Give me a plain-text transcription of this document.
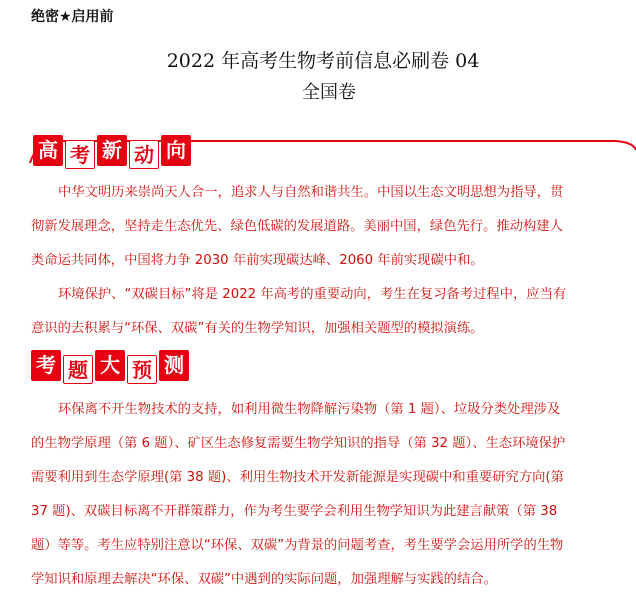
绝密★启用前
2022 年高考生物考前信息必刷卷 04
全国卷
高 考 新 动 向
中华文明历来崇尚天人合一，追求人与自然和谐共生。中国以生态文明思想为指导，贯
彻新发展理念，坚持走生态优先、绿色低碳的发展道路。美丽中国，绿色先行。推动构建人
类命运共同体，中国将力争 2030 年前实现碳达峰、2060 年前实现碳中和。
环境保护、“双碳目标”将是 2022 年高考的重要动向，考生在复习备考过程中，应当有
意识的去积累与“环保、双碳”有关的生物学知识，加强相关题型的模拟演练。
考 题 大 预 测
环保离不开生物技术的支持，如利用微生物降解污染物（第 1 题）、垃圾分类处理涉及
的生物学原理（第 6 题）、矿区生态修复需要生物学知识的指导（第 32 题）、生态环境保护
需要利用到生态学原理(第 38 题)、利用生物技术开发新能源是实现碳中和重要研究方向(第
37 题)、双碳目标离不开群策群力，作为考生要学会利用生物学知识为此建言献策（第 38
题）等等。考生应特别注意以“环保、双碳”为背景的问题考查，考生要学会运用所学的生物
学知识和原理去解决“环保、双碳”中遇到的实际问题，加强理解与实践的结合。
